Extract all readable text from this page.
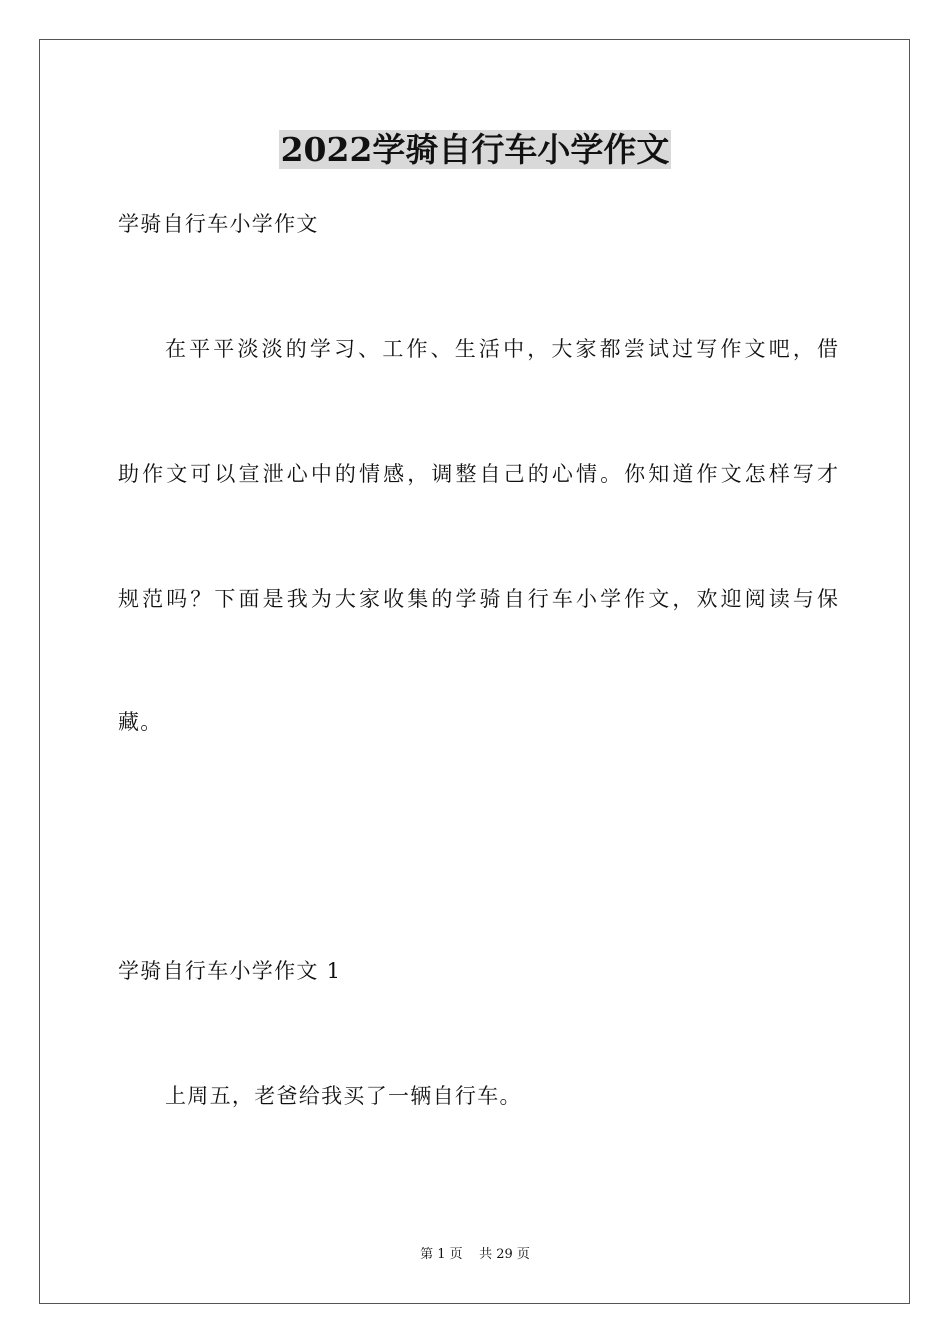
2022学骑自行车小学作文
学骑自行车小学作文
在平平淡淡的学习、工作、生活中，大家都尝试过写作文吧，借
助作文可以宣泄心中的情感，调整自己的心情。你知道作文怎样写才
规范吗？下面是我为大家收集的学骑自行车小学作文，欢迎阅读与保
藏。
学骑自行车小学作文 1
上周五，老爸给我买了一辆自行车。
第 1 页    共 29 页
